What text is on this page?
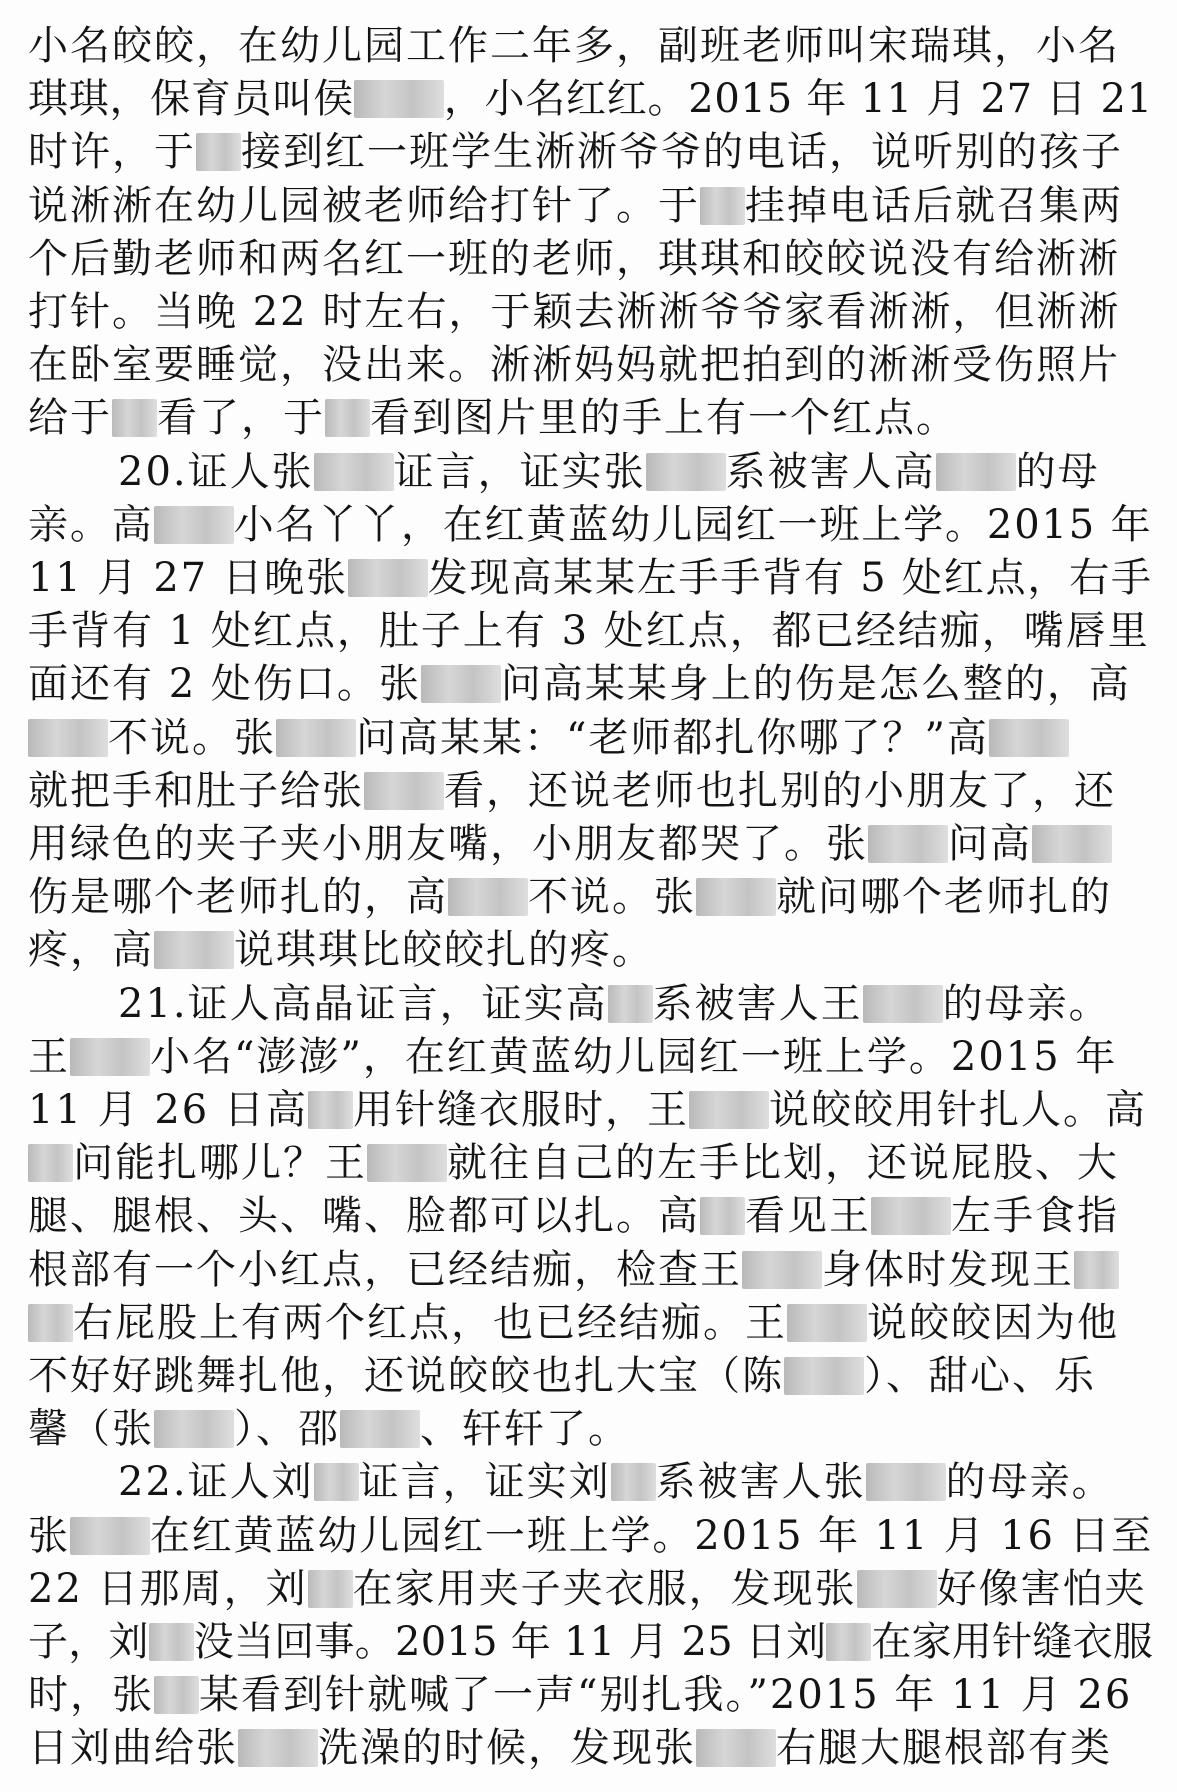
小名皎皎，在幼儿园工作二年多，副班老师叫宋瑞琪，小名
琪琪，保育员叫侯 ，小名红红。2015 年 11 月 27 日 21
时许，于 接到红一班学生淅淅爷爷的电话，说听别的孩子
说淅淅在幼儿园被老师给打针了。于 挂掉电话后就召集两
个后勤老师和两名红一班的老师，琪琪和皎皎说没有给淅淅
打针。当晚 22 时左右，于颖去淅淅爷爷家看淅淅，但淅淅
在卧室要睡觉，没出来。淅淅妈妈就把拍到的淅淅受伤照片
给于 看了，于 看到图片里的手上有一个红点。
20.证人张 证言，证实张 系被害人高 的母
亲。高 小名丫丫，在红黄蓝幼儿园红一班上学。2015 年
11 月 27 日晚张 发现高某某左手手背有 5 处红点，右手
手背有 1 处红点，肚子上有 3 处红点，都已经结痂，嘴唇里
面还有 2 处伤口。张 问高某某身上的伤是怎么整的，高
不说。张 问高某某：“老师都扎你哪了？”高
就把手和肚子给张 看，还说老师也扎别的小朋友了，还
用绿色的夹子夹小朋友嘴，小朋友都哭了。张 问高
伤是哪个老师扎的，高 不说。张 就问哪个老师扎的
疼，高 说琪琪比皎皎扎的疼。
21.证人高晶证言，证实高 系被害人王 的母亲。
王 小名“澎澎”，在红黄蓝幼儿园红一班上学。2015 年
11 月 26 日高 用针缝衣服时，王 说皎皎用针扎人。高
问能扎哪儿？王 就往自己的左手比划，还说屁股、大
腿、腿根、头、嘴、脸都可以扎。高 看见王 左手食指
根部有一个小红点，已经结痂，检查王 身体时发现王
右屁股上有两个红点，也已经结痂。王 说皎皎因为他
不好好跳舞扎他，还说皎皎也扎大宝（陈 ）、甜心、乐
馨（张 ）、邵 、轩轩了。
22.证人刘 证言，证实刘 系被害人张 的母亲。
张 在红黄蓝幼儿园红一班上学。2015 年 11 月 16 日至
22 日那周，刘 在家用夹子夹衣服，发现张 好像害怕夹
子，刘 没当回事。2015 年 11 月 25 日刘 在家用针缝衣服
时，张 某看到针就喊了一声“别扎我。”2015 年 11 月 26
日刘曲给张 洗澡的时候，发现张 右腿大腿根部有类
